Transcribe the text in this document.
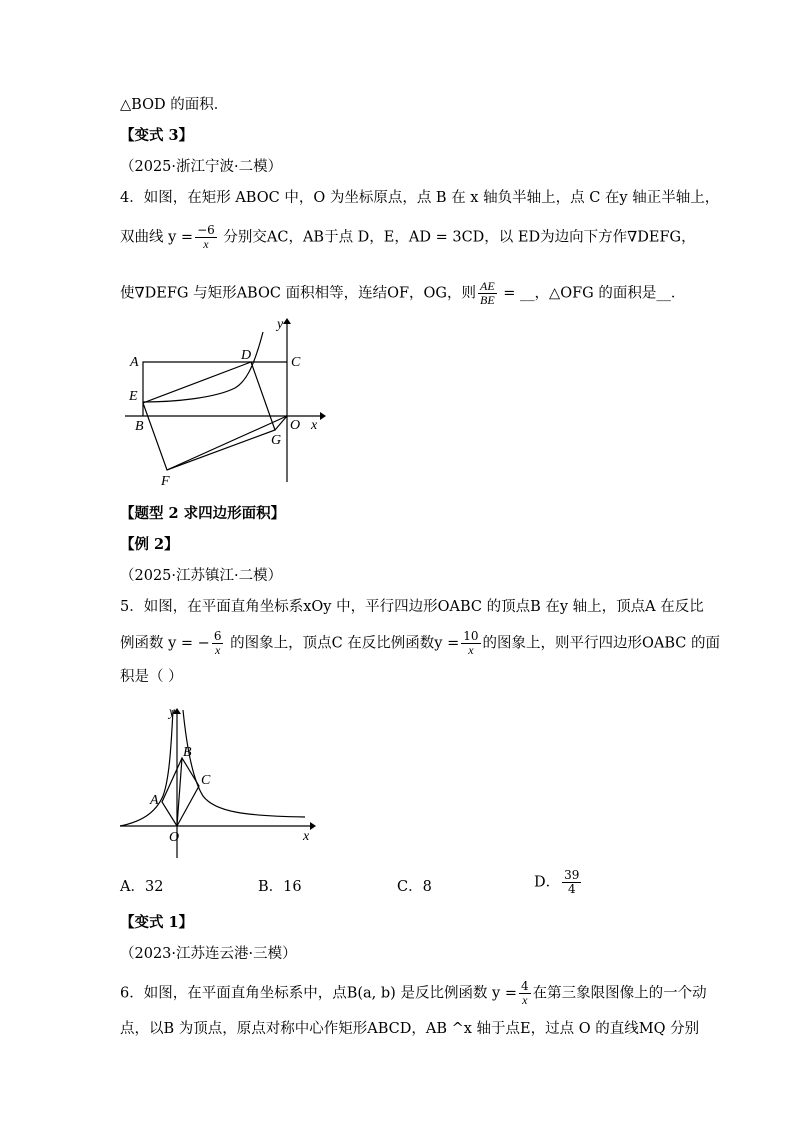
△BOD 的面积．
【变式 3】
（2025·浙江宁波·二模）
4．如图，在矩形 ABOC 中，O 为坐标原点，点 B 在 x 轴负半轴上，点 C 在y 轴正半轴上，
双曲线 $y = \frac{-6}{x}$ 分别交AC，AB于点 D，E，AD = 3CD，以 ED为边向下方作∇DEFG，
使∇DEFG 与矩形ABOC 面积相等，连结OF，OG，则 $\frac{AE}{BE}$ = __，△OFG 的面积是__．
y
A	D	C
E
B	O x
G
F
【题型 2 求四边形面积】
【例 2】
（2025·江苏镇江·二模）
5．如图，在平面直角坐标系xOy 中，平行四边形OABC 的顶点B 在y 轴上，顶点A 在反比
例函数 y = − $\frac{6}{x}$ 的图象上，顶点C 在反比例函数$y = \frac{10}{x}$ 的图象上，则平行四边形OABC 的面
积是（ ）
y
B
A
C
O	x
A．32	B．16	C．8	D． $\frac{39}{4}$
【变式 1】
（2023·江苏连云港·三模）
6．如图，在平面直角坐标系中，点B(a, b) 是反比例函数 $y = \frac{4}{x}$ 在第三象限图像上的一个动
点，以B 为顶点，原点对称中心作矩形ABCD，AB ^x 轴于点E，过点 O 的直线MQ 分别
